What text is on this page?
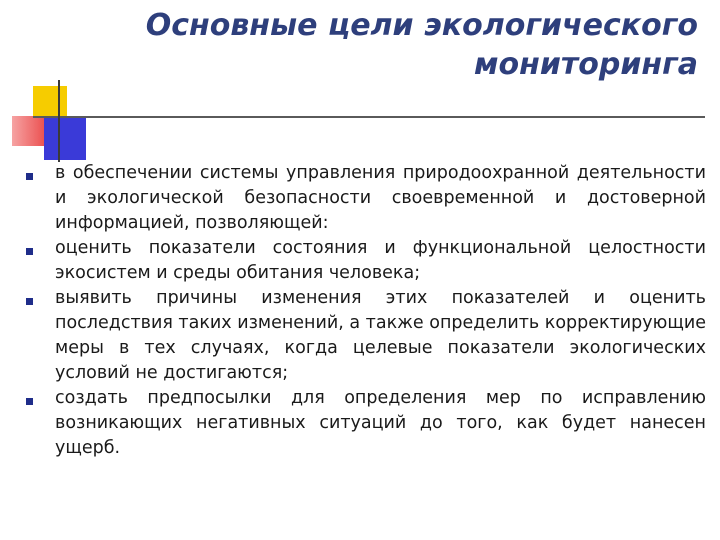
Основные цели экологического
мониторинга
в обеспечении системы управления природоохранной деятельности и экологической безопасности своевременной и достоверной информацией, позволяющей:
оценить показатели состояния и функциональной целостности экосистем и среды обитания человека;
выявить причины изменения этих показателей и оценить последствия таких изменений, а также определить корректирующие меры в тех случаях, когда целевые показатели экологических условий не достигаются;
создать предпосылки для определения мер по исправлению возникающих негативных ситуаций до того, как будет нанесен ущерб.
